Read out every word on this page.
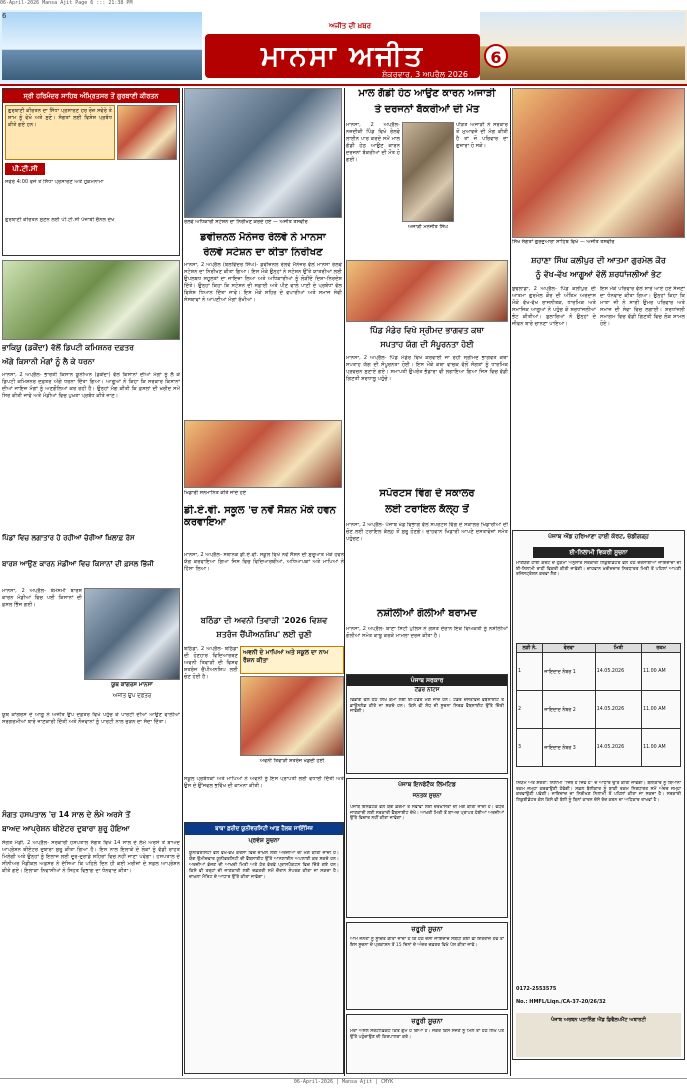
06-April-2026 Mansa Ajit Page 6 ::: 21:38 PM
6
ਅਜੀਤ ਦੀ ਖ਼ਬਰ
ਮਾਨਸਾ ਅਜੀਤ
ਸ਼ੁੱਕਰਵਾਰ, 3 ਅਪ੍ਰੈਲ 2026
6
ਸ੍ਰੀ ਹਰਿਮੰਦਰ ਸਾਹਿਬ ਅੰਮ੍ਰਿਤਸਰ ਤੋਂ ਗੁਰਬਾਣੀ ਕੀਰਤਨ
ਗੁਰਬਾਣੀ ਕੀਰਤਨ ਦਾ ਸਿੱਧਾ ਪ੍ਰਸਾਰਣ ਹਰ ਰੋਜ਼ ਸਵੇਰੇ ਤੇ ਸ਼ਾਮ ਨੂੰ ਵੇਖੋ ਅਤੇ ਸੁਣੋ। ਸੰਗਤਾਂ ਲਈ ਵਿਸ਼ੇਸ਼ ਪ੍ਰਬੰਧ ਕੀਤੇ ਗਏ ਹਨ।
ਪੀ.ਟੀ.ਸੀ
ਸਵੇਰੇ 4:00 ਵਜੇ ਤੋਂ ਸਿੱਧਾ ਪ੍ਰਸਾਰਣ ਅਤੇ ਹੁਕਮਨਾਮਾ
ਗੁਰਬਾਣੀ ਕੀਰਤਨ ਸੁਣਨ ਲਈ ਪੀ.ਟੀ.ਸੀ ਪੰਜਾਬੀ ਚੈਨਲ ਦੇਖੋ	ਰੇਲਵੇ ਅਧਿਕਾਰੀ ਸਟੇਸ਼ਨ ਦਾ ਨਿਰੀਖਣ ਕਰਦੇ ਹੋਏ — ਅਜੀਤ ਤਸਵੀਰ
ਡਵੀਜ਼ਨਲ ਮੈਨੇਜਰ ਰੇਲਵੇ ਨੇ ਮਾਨਸਾ
ਰੇਲਵੇ ਸਟੇਸ਼ਨ ਦਾ ਕੀਤਾ ਨਿਰੀਖਣ
ਮਾਨਸਾ, 2 ਅਪ੍ਰੈਲ (ਬਲਵਿੰਦਰ ਸਿੰਘ)- ਡਵੀਜ਼ਨਲ ਰੇਲਵੇ ਮੈਨੇਜਰ ਵੱਲੋਂ ਮਾਨਸਾ ਰੇਲਵੇ ਸਟੇਸ਼ਨ ਦਾ ਨਿਰੀਖਣ ਕੀਤਾ ਗਿਆ। ਇਸ ਮੌਕੇ ਉਨ੍ਹਾਂ ਨੇ ਸਟੇਸ਼ਨ ਉੱਤੇ ਯਾਤਰੀਆਂ ਲਈ ਉਪਲਬਧ ਸਹੂਲਤਾਂ ਦਾ ਜਾਇਜ਼ਾ ਲਿਆ ਅਤੇ ਅਧਿਕਾਰੀਆਂ ਨੂੰ ਲੋੜੀਂਦੇ ਦਿਸ਼ਾ-ਨਿਰਦੇਸ਼ ਦਿੱਤੇ। ਉਨ੍ਹਾਂ ਕਿਹਾ ਕਿ ਸਟੇਸ਼ਨ ਦੀ ਸਫ਼ਾਈ ਅਤੇ ਪੀਣ ਵਾਲੇ ਪਾਣੀ ਦੇ ਪ੍ਰਬੰਧਾਂ ਵੱਲ ਵਿਸ਼ੇਸ਼ ਧਿਆਨ ਦਿੱਤਾ ਜਾਵੇ। ਇਸ ਮੌਕੇ ਸ਼ਹਿਰ ਦੇ ਵਪਾਰੀਆਂ ਅਤੇ ਸਮਾਜ ਸੇਵੀ ਸੰਸਥਾਵਾਂ ਨੇ ਆਪਣੀਆਂ ਮੰਗਾਂ ਰੱਖੀਆਂ।
ਮਾਲ ਗੱਡੀ ਹੇਠ ਆਉਣ ਕਾਰਨ ਅਜਾੜੀ
ਤੇ ਦਰਜਨਾਂ ਬੱਕਰੀਆਂ ਦੀ ਮੌਤ
ਮਾਨਸਾ, 2 ਅਪ੍ਰੈਲ- ਨਜ਼ਦੀਕੀ ਪਿੰਡ ਵਿਖੇ ਰੇਲਵੇ ਲਾਈਨ ਪਾਰ ਕਰਦੇ ਸਮੇਂ ਮਾਲ ਗੱਡੀ ਹੇਠ ਆਉਣ ਕਾਰਨ ਦਰਜਨਾਂ ਬੱਕਰੀਆਂ ਦੀ ਮੌਤ ਹੋ ਗਈ।
ਅਜਾੜੀ ਮਨਜੀਤ ਸਿੰਘ
ਪੀੜਤ ਅਜਾੜੀ ਨੇ ਸਰਕਾਰ ਤੋਂ ਮੁਆਵਜ਼ੇ ਦੀ ਮੰਗ ਕੀਤੀ ਹੈ ਤਾਂ ਜੋ ਪਰਿਵਾਰ ਦਾ ਗੁਜ਼ਾਰਾ ਹੋ ਸਕੇ।
ਸਿੱਖ ਸੰਗਤਾਂ ਗੁਰਦੁਆਰਾ ਸਾਹਿਬ ਵਿਖੇ — ਅਜੀਤ ਤਸਵੀਰ
ਸ਼ਹਾਣਾ ਸਿੰਘ ਕਲੀਪੁਰ ਦੀ ਆਤਮਾ ਗੁਰਮੇਲ ਕੌਰ
ਨੂੰ ਵੱਖ-ਵੱਖ ਆਗੂਆਂ ਵੱਲੋਂ ਸ਼ਰਧਾਂਜਲੀਆਂ ਭੇਟ
ਬੁਢਲਾਡਾ, 2 ਅਪ੍ਰੈਲ- ਪਿੰਡ ਕਲੀਪੁਰ ਦੀ ਆਤਮਾ ਗੁਰਮੇਲ ਕੌਰ ਦੀ ਅੰਤਿਮ ਅਰਦਾਸ ਮੌਕੇ ਵੱਖ-ਵੱਖ ਰਾਜਨੀਤਕ, ਧਾਰਮਿਕ ਅਤੇ ਸਮਾਜਿਕ ਆਗੂਆਂ ਨੇ ਪਹੁੰਚ ਕੇ ਸ਼ਰਧਾਂਜਲੀਆਂ ਭੇਟ ਕੀਤੀਆਂ। ਬੁਲਾਰਿਆਂ ਨੇ ਉਨ੍ਹਾਂ ਦੇ ਜੀਵਨ ਬਾਰੇ ਚਾਨਣਾ ਪਾਇਆ।
ਇਸ ਮੌਕੇ ਪਰਿਵਾਰ ਵੱਲੋਂ ਸਾਰੇ ਆਏ ਹੋਏ ਸੱਜਣਾਂ ਦਾ ਧੰਨਵਾਦ ਕੀਤਾ ਗਿਆ। ਉਨ੍ਹਾਂ ਕਿਹਾ ਕਿ ਮਾਤਾ ਜੀ ਨੇ ਸਾਰੀ ਉਮਰ ਪਰਿਵਾਰ ਅਤੇ ਸਮਾਜ ਦੀ ਸੇਵਾ ਵਿਚ ਲਗਾਈ। ਸ਼ਰਧਾਂਜਲੀ ਸਮਾਗਮ ਵਿਚ ਵੱਡੀ ਗਿਣਤੀ ਵਿਚ ਲੋਕ ਸ਼ਾਮਲ ਹੋਏ।
ਭਾਕਿਯੂ (ਡਕੌਂਦਾ) ਵੱਲੋਂ ਡਿਪਟੀ ਕਮਿਸ਼ਨਰ ਦਫ਼ਤਰ
ਅੱਗੇ ਕਿਸਾਨੀ ਮੰਗਾਂ ਨੂੰ ਲੈ ਕੇ ਧਰਨਾ
ਮਾਨਸਾ, 2 ਅਪ੍ਰੈਲ- ਭਾਰਤੀ ਕਿਸਾਨ ਯੂਨੀਅਨ (ਡਕੌਂਦਾ) ਵੱਲੋਂ ਕਿਸਾਨਾਂ ਦੀਆਂ ਮੰਗਾਂ ਨੂੰ ਲੈ ਕੇ ਡਿਪਟੀ ਕਮਿਸ਼ਨਰ ਦਫ਼ਤਰ ਅੱਗੇ ਧਰਨਾ ਦਿੱਤਾ ਗਿਆ। ਆਗੂਆਂ ਨੇ ਕਿਹਾ ਕਿ ਸਰਕਾਰ ਕਿਸਾਨਾਂ ਦੀਆਂ ਜਾਇਜ਼ ਮੰਗਾਂ ਨੂੰ ਅਣਗੌਲਿਆਂ ਕਰ ਰਹੀ ਹੈ। ਉਨ੍ਹਾਂ ਮੰਗ ਕੀਤੀ ਕਿ ਫ਼ਸਲਾਂ ਦੀ ਖ਼ਰੀਦ ਸਮੇਂ ਸਿਰ ਕੀਤੀ ਜਾਵੇ ਅਤੇ ਮੰਡੀਆਂ ਵਿਚ ਪੁਖ਼ਤਾ ਪ੍ਰਬੰਧ ਕੀਤੇ ਜਾਣ।
ਪਿੰਡਾਂ ਵਿਚ ਲਗਾਤਾਰ ਹੋ ਰਹੀਆਂ ਚੋਰੀਆਂ ਖ਼ਿਲਾਫ਼ ਰੋਸ
ਖਿਡਾਰੀ ਸਨਮਾਨਿਤ ਕੀਤੇ ਜਾਂਦੇ ਹੋਏ
ਡੀ.ਏ.ਵੀ. ਸਕੂਲ 'ਚ ਨਵੇਂ ਸੈਸ਼ਨ ਮੌਕੇ ਹਵਨ ਕਰਵਾਇਆ
ਮਾਨਸਾ, 2 ਅਪ੍ਰੈਲ- ਸਥਾਨਕ ਡੀ.ਏ.ਵੀ. ਸਕੂਲ ਵਿਖੇ ਨਵੇਂ ਸੈਸ਼ਨ ਦੀ ਸ਼ੁਰੂਆਤ ਮੌਕੇ ਹਵਨ ਯੱਗ ਕਰਵਾਇਆ ਗਿਆ ਜਿਸ ਵਿਚ ਵਿਦਿਆਰਥੀਆਂ, ਅਧਿਆਪਕਾਂ ਅਤੇ ਮਾਪਿਆਂ ਨੇ ਹਿੱਸਾ ਲਿਆ।
ਪਿੰਡ ਮੰਡੇਰ ਵਿਖੇ ਸ੍ਰੀਮਦ ਭਾਗਵਤ ਕਥਾ
ਸਪਤਾਹ ਯੱਗ ਦੀ ਸੰਪੂਰਨਤਾ ਹੋਈ
ਮਾਨਸਾ, 2 ਅਪ੍ਰੈਲ- ਪਿੰਡ ਮੰਡੇਰ ਵਿਖੇ ਕਰਵਾਈ ਜਾ ਰਹੀ ਸ੍ਰੀਮਦ ਭਾਗਵਤ ਕਥਾ ਸਪਤਾਹ ਯੱਗ ਦੀ ਸੰਪੂਰਨਤਾ ਹੋਈ। ਇਸ ਮੌਕੇ ਕਥਾ ਵਾਚਕ ਵੱਲੋਂ ਸੰਗਤਾਂ ਨੂੰ ਧਾਰਮਿਕ ਪ੍ਰਵਚਨ ਸੁਣਾਏ ਗਏ। ਸਮਾਪਤੀ ਉਪਰੰਤ ਭੰਡਾਰਾ ਵੀ ਲਗਾਇਆ ਗਿਆ ਜਿਸ ਵਿਚ ਵੱਡੀ ਗਿਣਤੀ ਸ਼ਰਧਾਲੂ ਪਹੁੰਚੇ।
ਸਪੋਰਟਸ ਵਿੰਗ ਦੇ ਸਕਾਲਰ
ਲਈ ਟਰਾਇਲ ਕੱਲ੍ਹ ਤੋਂ
ਮਾਨਸਾ, 2 ਅਪ੍ਰੈਲ- ਪੰਜਾਬ ਖੇਡ ਵਿਭਾਗ ਵੱਲੋਂ ਸਪੋਰਟਸ ਵਿੰਗ ਦੇ ਸਕਾਲਰ ਖਿਡਾਰੀਆਂ ਦੀ ਚੋਣ ਲਈ ਟਰਾਇਲ ਕੱਲ੍ਹ ਤੋਂ ਸ਼ੁਰੂ ਹੋਣਗੇ। ਚਾਹਵਾਨ ਖਿਡਾਰੀ ਆਪਣੇ ਦਸਤਾਵੇਜ਼ਾਂ ਸਮੇਤ ਪਹੁੰਚਣ।
ਬਾਰਸ਼ ਆਉਣ ਕਾਰਨ ਮੰਡੀਆਂ ਵਿਚ ਕਿਸਾਨਾਂ ਦੀ ਫ਼ਸਲ ਭਿੱਜੀ
ਮਾਨਸਾ, 2 ਅਪ੍ਰੈਲ- ਬੇਮੌਸਮੀ ਬਾਰਸ਼ ਕਾਰਨ ਮੰਡੀਆਂ ਵਿਚ ਪਈ ਕਿਸਾਨਾਂ ਦੀ ਫ਼ਸਲ ਭਿੱਜ ਗਈ।
ਯੂਥ ਕਾਂਗਰਸ ਮਾਨਸਾ
ਅਜੀਤ ਉਪ ਦਫ਼ਤਰ
ਯੂਥ ਕਾਂਗਰਸ ਦੇ ਆਗੂ ਨੇ ਅਜੀਤ ਉਪ ਦਫ਼ਤਰ ਵਿਖੇ ਪਹੁੰਚ ਕੇ ਪਾਰਟੀ ਦੀਆਂ ਆਉਣ ਵਾਲੀਆਂ ਸਰਗਰਮੀਆਂ ਬਾਰੇ ਜਾਣਕਾਰੀ ਦਿੱਤੀ ਅਤੇ ਨੌਜਵਾਨਾਂ ਨੂੰ ਪਾਰਟੀ ਨਾਲ ਜੁੜਨ ਦਾ ਸੱਦਾ ਦਿੱਤਾ।
ਸੰਗਤ ਹਸਪਤਾਲ 'ਚ 14 ਸਾਲ ਦੇ ਲੰਮੇ ਅਰਸੇ ਤੋਂ
ਬਾਅਦ ਆਪ੍ਰੇਸ਼ਨ ਥੀਏਟਰ ਦੁਬਾਰਾ ਸ਼ੁਰੂ ਹੋਇਆ
ਸੰਗਤ ਮੰਡੀ, 2 ਅਪ੍ਰੈਲ- ਸਰਕਾਰੀ ਹਸਪਤਾਲ ਸੰਗਤ ਵਿਖੇ 14 ਸਾਲ ਦੇ ਲੰਮੇ ਅਰਸੇ ਤੋਂ ਬਾਅਦ ਆਪ੍ਰੇਸ਼ਨ ਥੀਏਟਰ ਦੁਬਾਰਾ ਸ਼ੁਰੂ ਕੀਤਾ ਗਿਆ ਹੈ। ਇਸ ਨਾਲ ਇਲਾਕੇ ਦੇ ਲੋਕਾਂ ਨੂੰ ਵੱਡੀ ਰਾਹਤ ਮਿਲੇਗੀ ਅਤੇ ਉਨ੍ਹਾਂ ਨੂੰ ਇਲਾਜ ਲਈ ਦੂਰ-ਦੁਰਾਡੇ ਸ਼ਹਿਰਾਂ ਵਿਚ ਨਹੀਂ ਜਾਣਾ ਪਵੇਗਾ। ਹਸਪਤਾਲ ਦੇ ਸੀਨੀਅਰ ਮੈਡੀਕਲ ਅਫ਼ਸਰ ਨੇ ਦੱਸਿਆ ਕਿ ਪਹਿਲੇ ਦਿਨ ਹੀ ਕਈ ਮਰੀਜ਼ਾਂ ਦੇ ਸਫ਼ਲ ਆਪ੍ਰੇਸ਼ਨ ਕੀਤੇ ਗਏ। ਇਲਾਕਾ ਨਿਵਾਸੀਆਂ ਨੇ ਸਿਹਤ ਵਿਭਾਗ ਦਾ ਧੰਨਵਾਦ ਕੀਤਾ।
ਬਠਿੰਡਾ ਦੀ ਅਵਨੀ ਤਿਵਾੜੀ '2026 ਵਿਸ਼ਵ
ਸ਼ਤਰੰਜ ਚੈਂਪੀਅਨਸ਼ਿਪ' ਲਈ ਚੁਣੀ
ਬਠਿੰਡਾ, 2 ਅਪ੍ਰੈਲ- ਬਠਿੰਡਾ ਦੀ ਹੋਣਹਾਰ ਵਿਦਿਆਰਥਣ ਅਵਨੀ ਤਿਵਾੜੀ ਦੀ ਵਿਸ਼ਵ ਸ਼ਤਰੰਜ ਚੈਂਪੀਅਨਸ਼ਿਪ ਲਈ ਚੋਣ ਹੋਈ ਹੈ।
ਅਵਨੀ ਦੇ ਮਾਪਿਆਂ ਅਤੇ ਸਕੂਲ ਦਾ ਨਾਮ ਰੌਸ਼ਨ ਕੀਤਾ
ਅਵਨੀ ਤਿਵਾੜੀ ਸ਼ਤਰੰਜ ਖੇਡਦੀ ਹੋਈ
ਸਕੂਲ ਪ੍ਰਬੰਧਕਾਂ ਅਤੇ ਮਾਪਿਆਂ ਨੇ ਅਵਨੀ ਨੂੰ ਇਸ ਪ੍ਰਾਪਤੀ ਲਈ ਵਧਾਈ ਦਿੱਤੀ ਅਤੇ ਉਸ ਦੇ ਉੱਜਵਲ ਭਵਿੱਖ ਦੀ ਕਾਮਨਾ ਕੀਤੀ।
ਬਾਬਾ ਫ਼ਰੀਦ ਯੂਨੀਵਰਸਿਟੀ ਆਫ਼ ਹੈਲਥ ਸਾਇੰਸਿਜ਼
ਪ੍ਰਵੇਸ਼ ਸੂਚਨਾ
ਯੂਨੀਵਰਸਿਟੀ ਵੱਲੋਂ ਵੱਖ-ਵੱਖ ਕੋਰਸਾਂ ਵਿਚ ਦਾਖ਼ਲੇ ਲਈ ਅਰਜ਼ੀਆਂ ਦੀ ਮੰਗ ਕੀਤੀ ਜਾਂਦੀ ਹੈ। ਯੋਗ ਉਮੀਦਵਾਰ ਯੂਨੀਵਰਸਿਟੀ ਦੀ ਵੈੱਬਸਾਈਟ ਉੱਤੇ ਆਨਲਾਈਨ ਅਪਲਾਈ ਕਰ ਸਕਦੇ ਹਨ। ਅਰਜ਼ੀਆਂ ਭੇਜਣ ਦੀ ਆਖ਼ਰੀ ਮਿਤੀ ਅਤੇ ਹੋਰ ਵੇਰਵੇ ਪ੍ਰਾਸਪੈਕਟਸ ਵਿਚ ਦਿੱਤੇ ਗਏ ਹਨ। ਕਿਸੇ ਵੀ ਤਰ੍ਹਾਂ ਦੀ ਜਾਣਕਾਰੀ ਲਈ ਦਫ਼ਤਰੀ ਸਮੇਂ ਦੌਰਾਨ ਸੰਪਰਕ ਕੀਤਾ ਜਾ ਸਕਦਾ ਹੈ। ਦਾਖ਼ਲਾ ਮੈਰਿਟ ਦੇ ਆਧਾਰ ਉੱਤੇ ਕੀਤਾ ਜਾਵੇਗਾ।
ਨਸ਼ੀਲੀਆਂ ਗੋਲੀਆਂ ਬਰਾਮਦ
ਮਾਨਸਾ, 2 ਅਪ੍ਰੈਲ- ਥਾਣਾ ਸਿਟੀ ਪੁਲਿਸ ਨੇ ਗਸ਼ਤ ਦੌਰਾਨ ਇਕ ਵਿਅਕਤੀ ਨੂੰ ਨਸ਼ੀਲੀਆਂ ਗੋਲੀਆਂ ਸਮੇਤ ਕਾਬੂ ਕਰਕੇ ਮਾਮਲਾ ਦਰਜ ਕੀਤਾ ਹੈ।
ਪੰਜਾਬ ਸਰਕਾਰ
ਟੈਂਡਰ ਨੋਟਿਸ
ਵਿਭਾਗ ਵੱਲੋਂ ਹੇਠ ਲਿਖੇ ਕੰਮਾਂ ਲਈ ਈ-ਟੈਂਡਰ ਮੰਗੇ ਜਾਂਦੇ ਹਨ। ਟੈਂਡਰ ਦਸਤਾਵੇਜ਼ ਵੈੱਬਸਾਈਟ ਤੋਂ ਡਾਊਨਲੋਡ ਕੀਤੇ ਜਾ ਸਕਦੇ ਹਨ। ਕਿਸੇ ਵੀ ਸੋਧ ਦੀ ਸੂਚਨਾ ਸਿਰਫ਼ ਵੈੱਬਸਾਈਟ ਉੱਤੇ ਦਿੱਤੀ ਜਾਵੇਗੀ।
ਪੰਜਾਬ ਇਨਫੋਟੈੱਕ ਲਿਮਟਿਡ
ਜਨਤਕ ਸੂਚਨਾ
ਪੰਜਾਬ ਇਨਫੋਟੈੱਕ ਵੱਲੋਂ ਯੋਗ ਫ਼ਰਮਾਂ ਤੋਂ ਸੇਵਾਵਾਂ ਲਈ ਦਰਖ਼ਾਸਤਾਂ ਦੀ ਮੰਗ ਕੀਤੀ ਜਾਂਦੀ ਹੈ। ਵਧੇਰੇ ਜਾਣਕਾਰੀ ਲਈ ਸਰਕਾਰੀ ਵੈੱਬਸਾਈਟ ਦੇਖੋ। ਆਖ਼ਰੀ ਮਿਤੀ ਤੋਂ ਬਾਅਦ ਪ੍ਰਾਪਤ ਹੋਈਆਂ ਅਰਜ਼ੀਆਂ ਉੱਤੇ ਵਿਚਾਰ ਨਹੀਂ ਕੀਤਾ ਜਾਵੇਗਾ।
ਜ਼ਰੂਰੀ ਸੂਚਨਾ
ਆਮ ਜਨਤਾ ਨੂੰ ਸੂਚਿਤ ਕੀਤਾ ਜਾਂਦਾ ਹੈ ਕਿ ਹੇਠ ਦੱਸੀ ਜਾਇਦਾਦ ਸਬੰਧੀ ਕੋਈ ਵੀ ਇਤਰਾਜ਼ ਹੋਵੇ ਤਾਂ ਇਸ ਸੂਚਨਾ ਦੇ ਪ੍ਰਕਾਸ਼ਨ ਤੋਂ 15 ਦਿਨਾਂ ਦੇ ਅੰਦਰ ਦਫ਼ਤਰ ਵਿਖੇ ਪੇਸ਼ ਕੀਤਾ ਜਾਵੇ।
ਜ਼ਰੂਰੀ ਸੂਚਨਾ
ਮੇਰਾ ਅਸਲ ਸਰਟੀਫ਼ਿਕੇਟ ਕਿਤੇ ਗੁੰਮ ਹੋ ਗਿਆ ਹੈ। ਜੇਕਰ ਕਿਸੇ ਸੱਜਣ ਨੂੰ ਮਿਲੇ ਤਾਂ ਹੇਠ ਲਿਖੇ ਪਤੇ ਉੱਤੇ ਪਹੁੰਚਾਉਣ ਦੀ ਕਿਰਪਾਲਤਾ ਕਰੇ।
ਪੰਜਾਬ ਐਂਡ ਹਰਿਆਣਾ ਹਾਈ ਕੋਰਟ, ਚੰਡੀਗੜ੍ਹ
ਈ-ਨਿਲਾਮੀ ਵਿਕਰੀ ਸੂਚਨਾ
ਮਾਣਯੋਗ ਹਾਈ ਕੋਰਟ ਦੇ ਹੁਕਮਾਂ ਅਨੁਸਾਰ ਸਰਕਾਰੀ ਲਿਕੁਈਡੇਟਰ ਵੱਲੋਂ ਹੇਠ ਦਰਸਾਈਆਂ ਜਾਇਦਾਦਾਂ ਦੀ ਈ-ਨਿਲਾਮੀ ਰਾਹੀਂ ਵਿਕਰੀ ਕੀਤੀ ਜਾਵੇਗੀ। ਚਾਹਵਾਨ ਖ਼ਰੀਦਦਾਰ ਨਿਰਧਾਰਤ ਮਿਤੀ ਤੋਂ ਪਹਿਲਾਂ ਆਪਣੀ ਰਜਿਸਟ੍ਰੇਸ਼ਨ ਕਰਵਾ ਲੈਣ।
ਲੜੀ ਨੰ.	ਵੇਰਵਾ	ਮਿਤੀ	ਰਕਮ
1	ਜਾਇਦਾਦ ਨੰਬਰ 1	14.05.2026	11.00 AM
2	ਜਾਇਦਾਦ ਨੰਬਰ 2	14.05.2026	11.00 AM
3	ਜਾਇਦਾਦ ਨੰਬਰ 3	14.05.2026	11.00 AM
ਨਿਯਮ ਅਤੇ ਸ਼ਰਤਾਂ: ਨਿਲਾਮੀ "ਜਿੱਥੇ ਹੈ ਜਿਵੇਂ ਹੈ" ਦੇ ਆਧਾਰ ਉੱਤੇ ਕੀਤੀ ਜਾਵੇਗੀ। ਬੋਲੀਕਾਰ ਨੂੰ ਬਿਆਨਾ ਰਕਮ ਜਮ੍ਹਾ ਕਰਵਾਉਣੀ ਹੋਵੇਗੀ। ਸਫ਼ਲ ਬੋਲੀਕਾਰ ਨੂੰ ਬਾਕੀ ਰਕਮ ਨਿਰਧਾਰਤ ਸਮੇਂ ਅੰਦਰ ਜਮ੍ਹਾ ਕਰਵਾਉਣੀ ਪਵੇਗੀ। ਜਾਇਦਾਦ ਦਾ ਨਿਰੀਖਣ ਨਿਲਾਮੀ ਤੋਂ ਪਹਿਲਾਂ ਕੀਤਾ ਜਾ ਸਕਦਾ ਹੈ। ਸਰਕਾਰੀ ਲਿਕੁਈਡੇਟਰ ਕੋਲ ਕਿਸੇ ਵੀ ਬੋਲੀ ਨੂੰ ਬਿਨਾਂ ਕਾਰਨ ਦੱਸੇ ਰੱਦ ਕਰਨ ਦਾ ਅਧਿਕਾਰ ਰਾਖਵਾਂ ਹੈ।
0172-2553575
No.: HMFL/Liqn./CA-37-20/26/32
ਪੰਜਾਬ ਅਰਬਨ ਪਲਾਨਿੰਗ ਐਂਡ ਡਿਵੈਲਪਮੈਂਟ ਅਥਾਰਟੀ
06-April-2026 | Mansa Ajit | CMYK
